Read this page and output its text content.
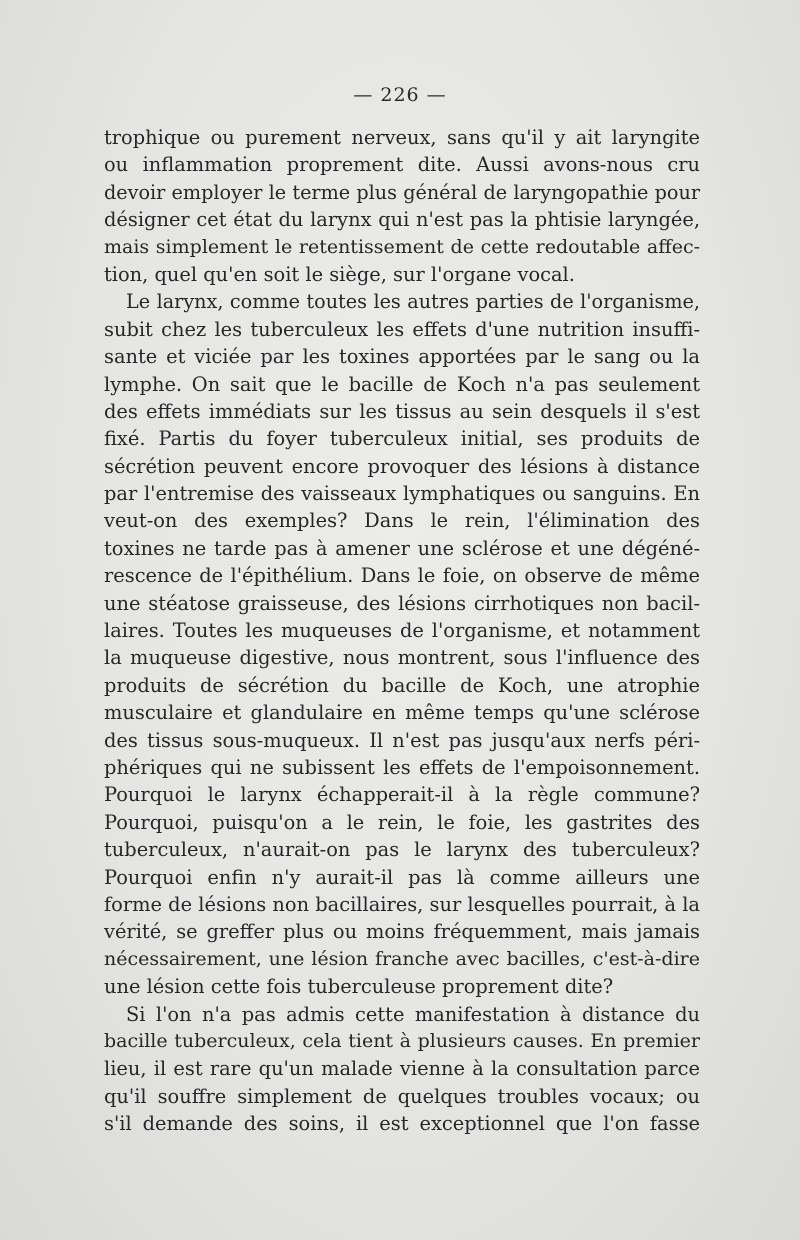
— 226 —
trophique ou purement nerveux, sans qu'il y ait laryngite
ou inflammation proprement dite. Aussi avons-nous cru
devoir employer le terme plus général de laryngopathie pour
désigner cet état du larynx qui n'est pas la phtisie laryngée,
mais simplement le retentissement de cette redoutable affec-
tion, quel qu'en soit le siège, sur l'organe vocal.
Le larynx, comme toutes les autres parties de l'organisme,
subit chez les tuberculeux les effets d'une nutrition insuffi-
sante et viciée par les toxines apportées par le sang ou la
lymphe. On sait que le bacille de Koch n'a pas seulement
des effets immédiats sur les tissus au sein desquels il s'est
fixé. Partis du foyer tuberculeux initial, ses produits de
sécrétion peuvent encore provoquer des lésions à distance
par l'entremise des vaisseaux lymphatiques ou sanguins. En
veut-on des exemples? Dans le rein, l'élimination des
toxines ne tarde pas à amener une sclérose et une dégéné-
rescence de l'épithélium. Dans le foie, on observe de même
une stéatose graisseuse, des lésions cirrhotiques non bacil-
laires. Toutes les muqueuses de l'organisme, et notamment
la muqueuse digestive, nous montrent, sous l'influence des
produits de sécrétion du bacille de Koch, une atrophie
musculaire et glandulaire en même temps qu'une sclérose
des tissus sous-muqueux. Il n'est pas jusqu'aux nerfs péri-
phériques qui ne subissent les effets de l'empoisonnement.
Pourquoi le larynx échapperait-il à la règle commune?
Pourquoi, puisqu'on a le rein, le foie, les gastrites des
tuberculeux, n'aurait-on pas le larynx des tuberculeux?
Pourquoi enfin n'y aurait-il pas là comme ailleurs une
forme de lésions non bacillaires, sur lesquelles pourrait, à la
vérité, se greffer plus ou moins fréquemment, mais jamais
nécessairement, une lésion franche avec bacilles, c'est-à-dire
une lésion cette fois tuberculeuse proprement dite?
Si l'on n'a pas admis cette manifestation à distance du
bacille tuberculeux, cela tient à plusieurs causes. En premier
lieu, il est rare qu'un malade vienne à la consultation parce
qu'il souffre simplement de quelques troubles vocaux; ou
s'il demande des soins, il est exceptionnel que l'on fasse
